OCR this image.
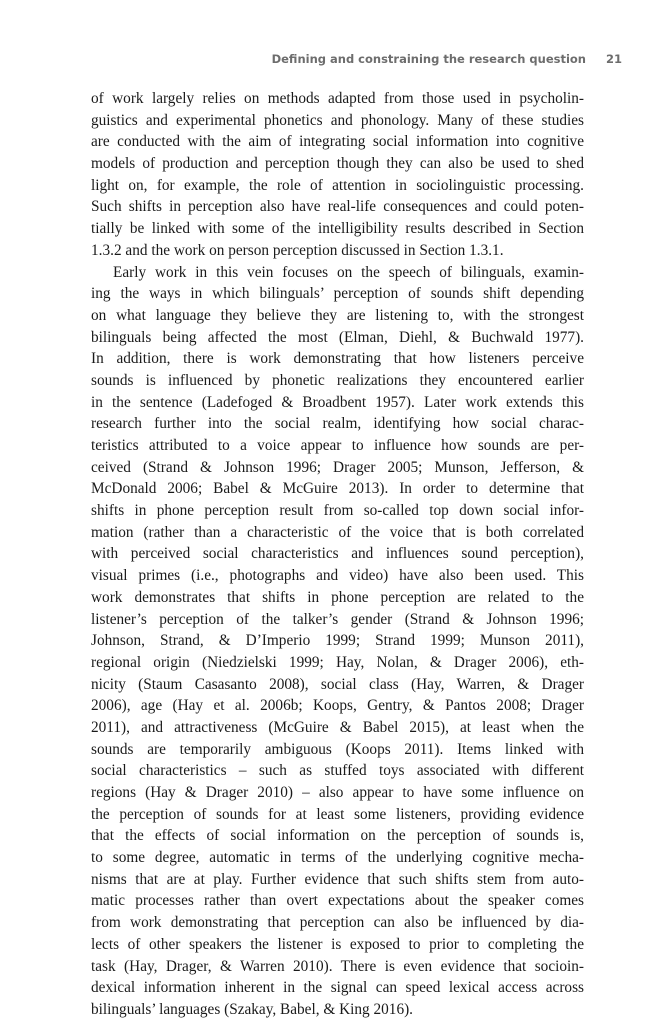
Defining and constraining the research question 21
of work largely relies on methods adapted from those used in psycholin-
guistics and experimental phonetics and phonology. Many of these studies
are conducted with the aim of integrating social information into cognitive
models of production and perception though they can also be used to shed
light on, for example, the role of attention in sociolinguistic processing.
Such shifts in perception also have real-life consequences and could poten-
tially be linked with some of the intelligibility results described in Section
1.3.2 and the work on person perception discussed in Section 1.3.1.
Early work in this vein focuses on the speech of bilinguals, examin-
ing the ways in which bilinguals’ perception of sounds shift depending
on what language they believe they are listening to, with the strongest
bilinguals being affected the most (Elman, Diehl, & Buchwald 1977).
In addition, there is work demonstrating that how listeners perceive
sounds is influenced by phonetic realizations they encountered earlier
in the sentence (Ladefoged & Broadbent 1957). Later work extends this
research further into the social realm, identifying how social charac-
teristics attributed to a voice appear to influence how sounds are per-
ceived (Strand & Johnson 1996; Drager 2005; Munson, Jefferson, &
McDonald 2006; Babel & McGuire 2013). In order to determine that
shifts in phone perception result from so-called top down social infor-
mation (rather than a characteristic of the voice that is both correlated
with perceived social characteristics and influences sound perception),
visual primes (i.e., photographs and video) have also been used. This
work demonstrates that shifts in phone perception are related to the
listener’s perception of the talker’s gender (Strand & Johnson 1996;
Johnson, Strand, & D’Imperio 1999; Strand 1999; Munson 2011),
regional origin (Niedzielski 1999; Hay, Nolan, & Drager 2006), eth-
nicity (Staum Casasanto 2008), social class (Hay, Warren, & Drager
2006), age (Hay et al. 2006b; Koops, Gentry, & Pantos 2008; Drager
2011), and attractiveness (McGuire & Babel 2015), at least when the
sounds are temporarily ambiguous (Koops 2011). Items linked with
social characteristics – such as stuffed toys associated with different
regions (Hay & Drager 2010) – also appear to have some influence on
the perception of sounds for at least some listeners, providing evidence
that the effects of social information on the perception of sounds is,
to some degree, automatic in terms of the underlying cognitive mecha-
nisms that are at play. Further evidence that such shifts stem from auto-
matic processes rather than overt expectations about the speaker comes
from work demonstrating that perception can also be influenced by dia-
lects of other speakers the listener is exposed to prior to completing the
task (Hay, Drager, & Warren 2010). There is even evidence that socioin-
dexical information inherent in the signal can speed lexical access across
bilinguals’ languages (Szakay, Babel, & King 2016).
